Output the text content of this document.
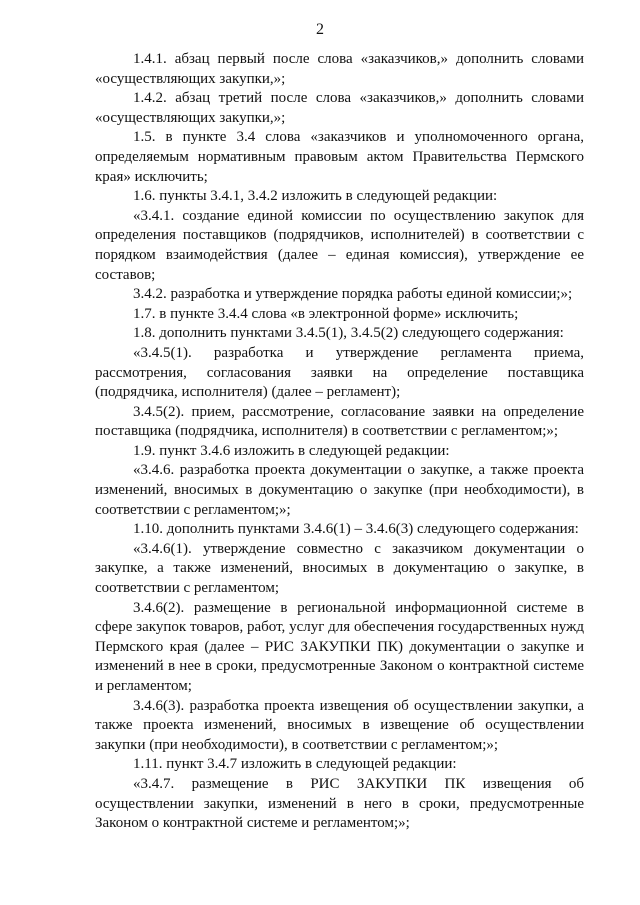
2

1.4.1. абзац первый после слова «заказчиков,» дополнить словами «осуществляющих закупки,»;

1.4.2. абзац третий после слова «заказчиков,» дополнить словами «осуществляющих закупки,»;

1.5. в пункте 3.4 слова «заказчиков и уполномоченного органа, определяемым нормативным правовым актом Правительства Пермского края» исключить;

1.6. пункты 3.4.1, 3.4.2 изложить в следующей редакции:

«3.4.1. создание единой комиссии по осуществлению закупок для определения поставщиков (подрядчиков, исполнителей) в соответствии с порядком взаимодействия (далее – единая комиссия), утверждение ее составов;

3.4.2. разработка и утверждение порядка работы единой комиссии;»;

1.7. в пункте 3.4.4 слова «в электронной форме» исключить;

1.8. дополнить пунктами 3.4.5(1), 3.4.5(2) следующего содержания:

«3.4.5(1). разработка и утверждение регламента приема, рассмотрения, согласования заявки на определение поставщика (подрядчика, исполнителя) (далее – регламент);

3.4.5(2). прием, рассмотрение, согласование заявки на определение поставщика (подрядчика, исполнителя) в соответствии с регламентом;»;

1.9. пункт 3.4.6 изложить в следующей редакции:

«3.4.6. разработка проекта документации о закупке, а также проекта изменений, вносимых в документацию о закупке (при необходимости), в соответствии с регламентом;»;

1.10. дополнить пунктами 3.4.6(1) – 3.4.6(3) следующего содержания:

«3.4.6(1). утверждение совместно с заказчиком документации о закупке, а также изменений, вносимых в документацию о закупке, в соответствии с регламентом;

3.4.6(2). размещение в региональной информационной системе в сфере закупок товаров, работ, услуг для обеспечения государственных нужд Пермского края (далее – РИС ЗАКУПКИ ПК) документации о закупке и изменений в нее в сроки, предусмотренные Законом о контрактной системе и регламентом;

3.4.6(3). разработка проекта извещения об осуществлении закупки, а также проекта изменений, вносимых в извещение об осуществлении закупки (при необходимости), в соответствии с регламентом;»;

1.11. пункт 3.4.7 изложить в следующей редакции:

«3.4.7. размещение в РИС ЗАКУПКИ ПК извещения об осуществлении закупки, изменений в него в сроки, предусмотренные Законом о контрактной системе и регламентом;»;
